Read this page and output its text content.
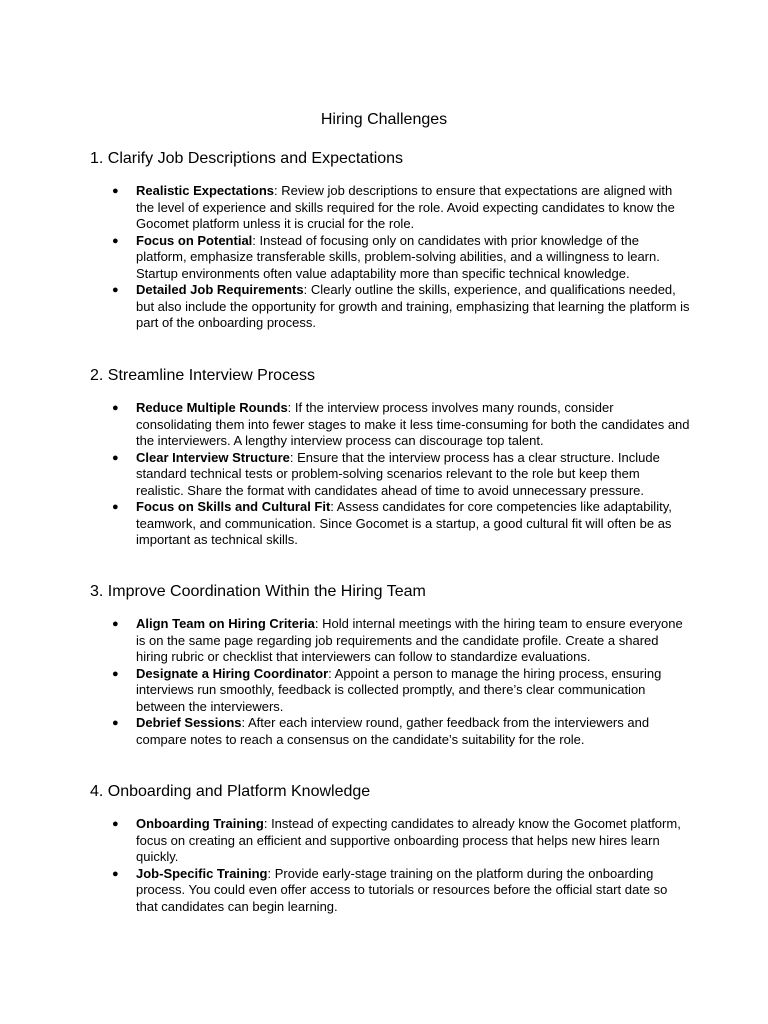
Hiring Challenges
1. Clarify Job Descriptions and Expectations
● Realistic Expectations: Review job descriptions to ensure that expectations are aligned with the level of experience and skills required for the role. Avoid expecting candidates to know the Gocomet platform unless it is crucial for the role.
● Focus on Potential: Instead of focusing only on candidates with prior knowledge of the platform, emphasize transferable skills, problem-solving abilities, and a willingness to learn. Startup environments often value adaptability more than specific technical knowledge.
● Detailed Job Requirements: Clearly outline the skills, experience, and qualifications needed, but also include the opportunity for growth and training, emphasizing that learning the platform is part of the onboarding process.
2. Streamline Interview Process
● Reduce Multiple Rounds: If the interview process involves many rounds, consider consolidating them into fewer stages to make it less time-consuming for both the candidates and the interviewers. A lengthy interview process can discourage top talent.
● Clear Interview Structure: Ensure that the interview process has a clear structure. Include standard technical tests or problem-solving scenarios relevant to the role but keep them realistic. Share the format with candidates ahead of time to avoid unnecessary pressure.
● Focus on Skills and Cultural Fit: Assess candidates for core competencies like adaptability, teamwork, and communication. Since Gocomet is a startup, a good cultural fit will often be as important as technical skills.
3. Improve Coordination Within the Hiring Team
● Align Team on Hiring Criteria: Hold internal meetings with the hiring team to ensure everyone is on the same page regarding job requirements and the candidate profile. Create a shared hiring rubric or checklist that interviewers can follow to standardize evaluations.
● Designate a Hiring Coordinator: Appoint a person to manage the hiring process, ensuring interviews run smoothly, feedback is collected promptly, and there’s clear communication between the interviewers.
● Debrief Sessions: After each interview round, gather feedback from the interviewers and compare notes to reach a consensus on the candidate’s suitability for the role.
4. Onboarding and Platform Knowledge
● Onboarding Training: Instead of expecting candidates to already know the Gocomet platform, focus on creating an efficient and supportive onboarding process that helps new hires learn quickly.
● Job-Specific Training: Provide early-stage training on the platform during the onboarding process. You could even offer access to tutorials or resources before the official start date so that candidates can begin learning.
